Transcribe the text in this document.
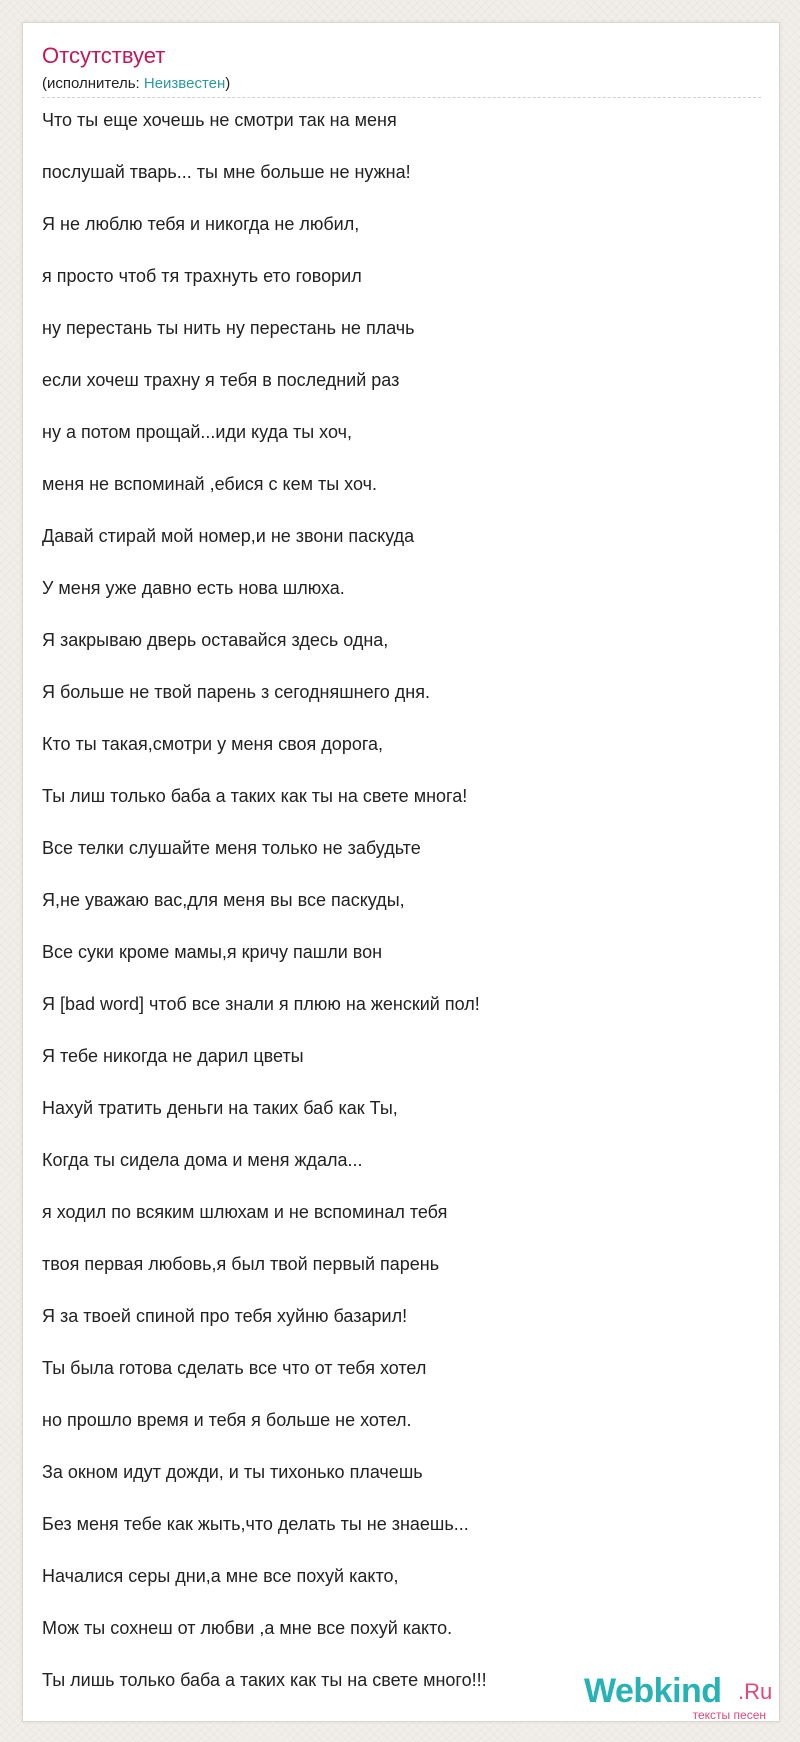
Отсутствует
(исполнитель: Неизвестен)
Что ты еще хочешь не смотри так на меня
послушай тварь... ты мне больше не нужна!
Я не люблю тебя и никогда не любил,
я просто чтоб тя трахнуть ето говорил
ну перестань ты нить ну перестань не плачь
если хочеш трахну я тебя в последний раз
ну а потом прощай...иди куда ты хоч,
меня не вспоминай ,ебися с кем ты хоч.
Давай стирай мой номер,и не звони паскуда
У меня уже давно есть нова шлюха.
Я закрываю дверь оставайся здесь одна,
Я больше не твой парень з сегодняшнего дня.
Кто ты такая,смотри у меня своя дорога,
Ты лиш только баба а таких как ты на свете многа!
Все телки слушайте меня только не забудьте
Я,не уважаю вас,для меня вы все паскуды,
Все суки кроме мамы,я кричу пашли вон
Я [bad word] чтоб все знали я плюю на женский пол!
Я тебе никогда не дарил цветы
Нахуй тратить деньги на таких баб как Ты,
Когда ты сидела дома и меня ждала...
я ходил по всяким шлюхам и не вспоминал тебя
твоя первая любовь,я был твой первый парень
Я за твоей спиной про тебя хуйню базарил!
Ты была готова сделать все что от тебя хотел
но прошло время и тебя я больше не хотел.
За окном идут дожди, и ты тихонько плачешь
Без меня тебе как жыть,что делать ты не знаешь...
Началися серы дни,а мне все похуй както,
Мож ты сохнеш от любви ,а мне все похуй както.
Ты лишь только баба а таких как ты на свете много!!!	Webkind .Ru
тексты песен
